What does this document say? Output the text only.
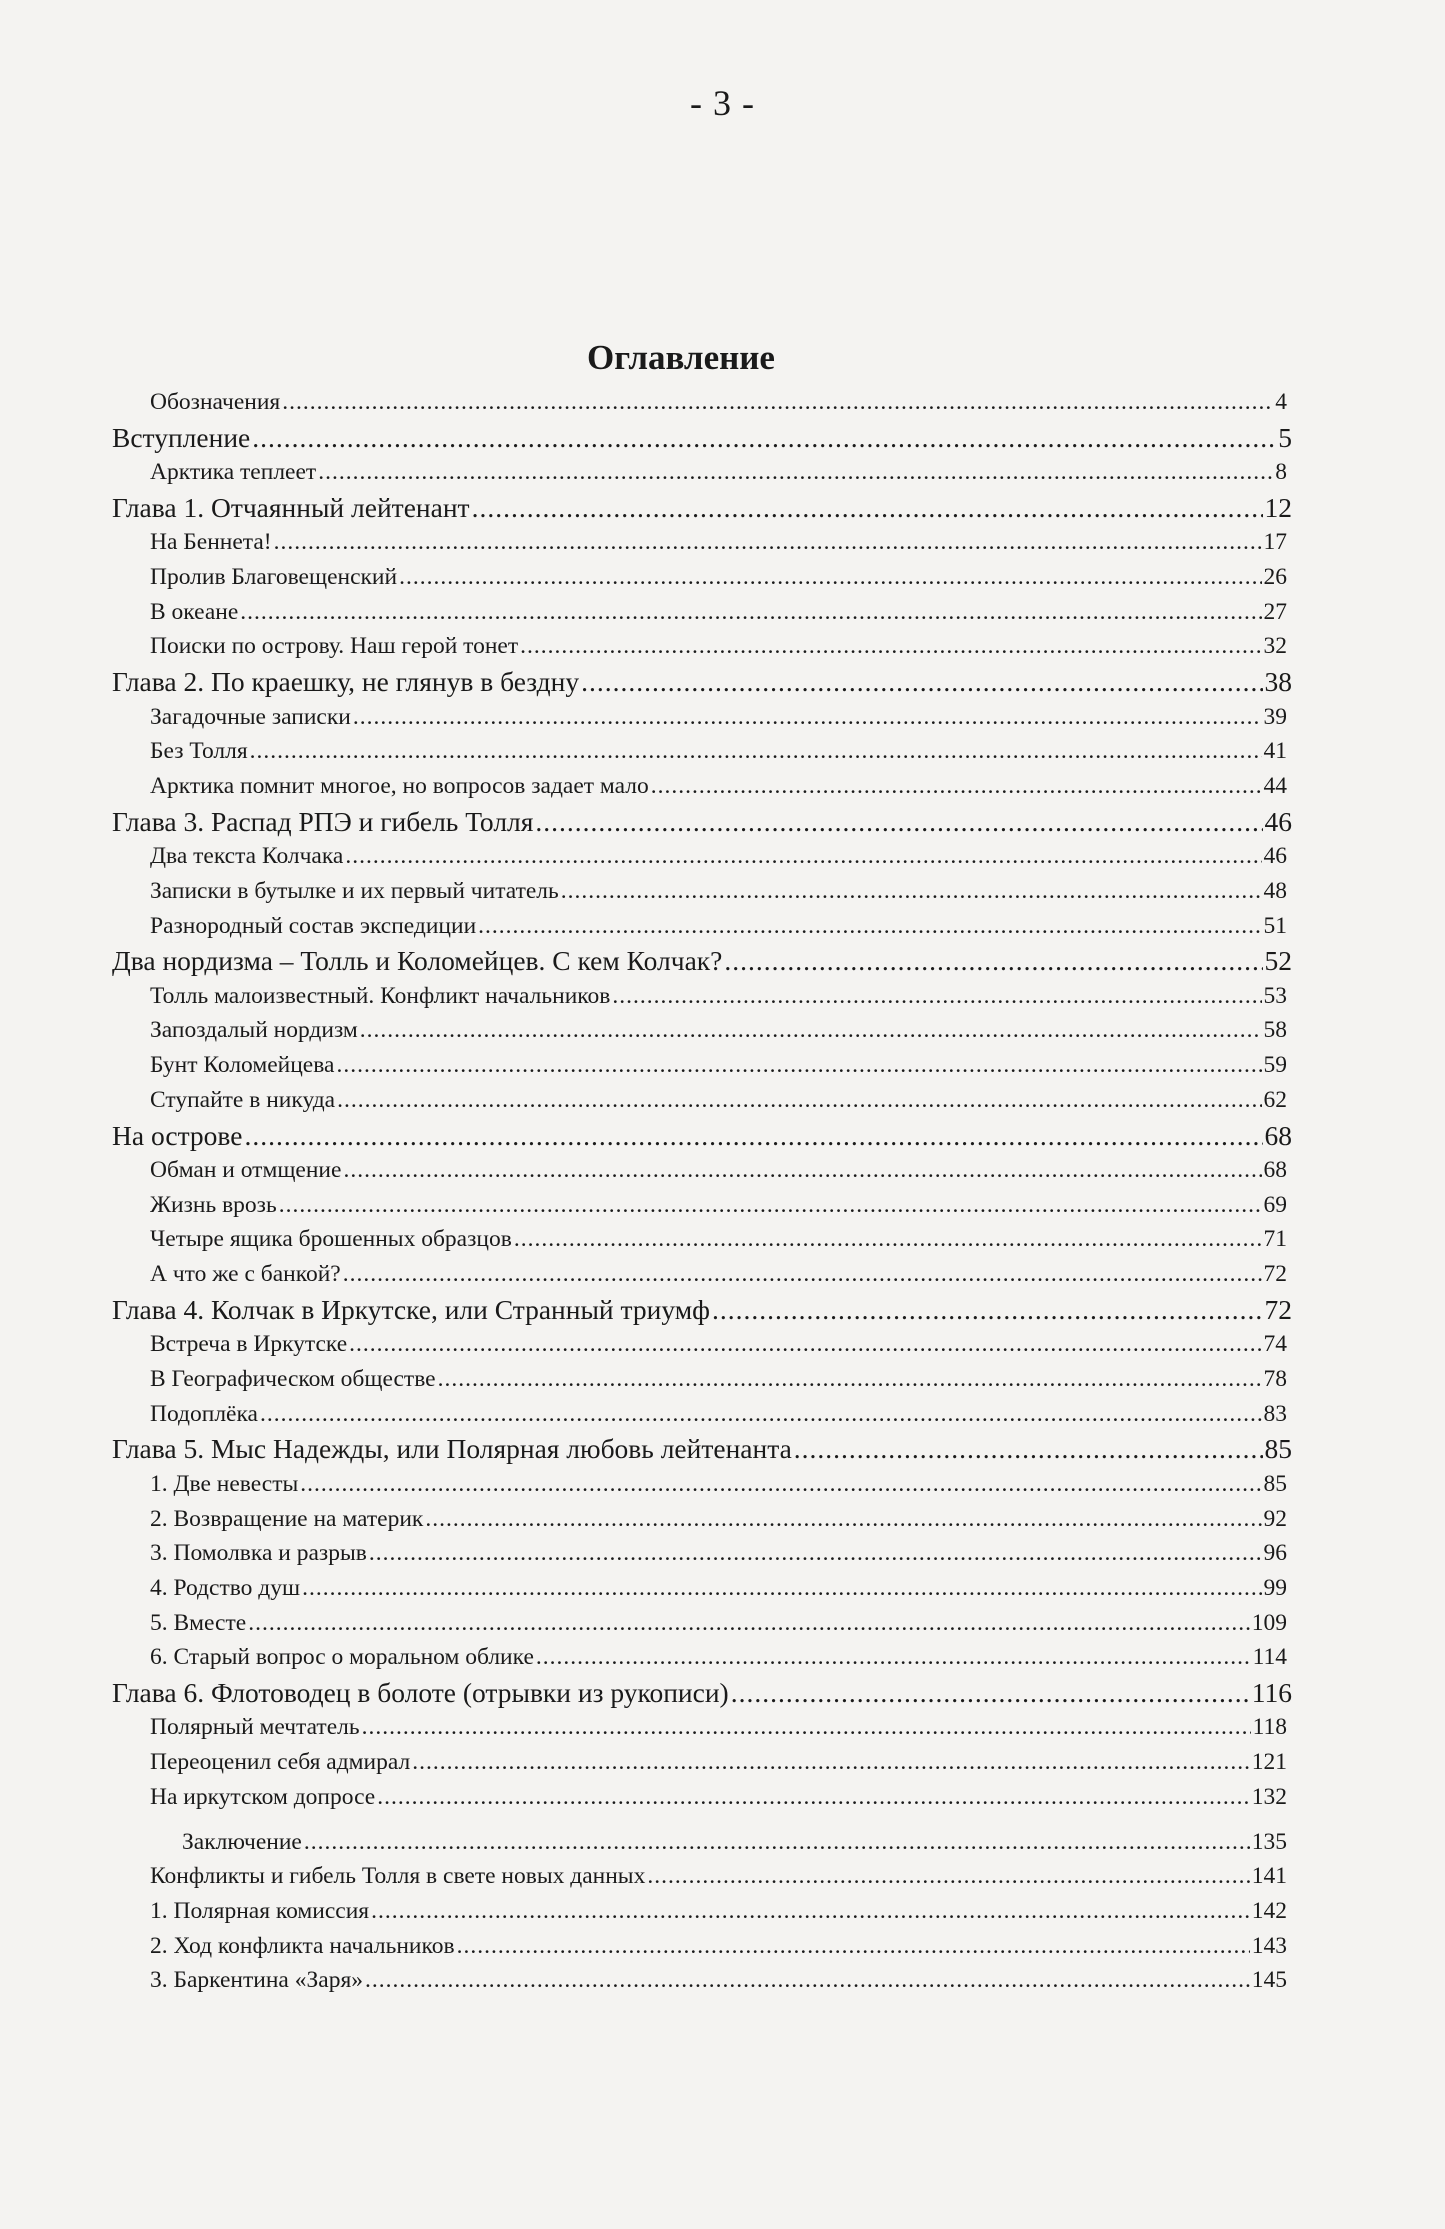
- 3 -
Оглавление
Обозначения .....	4
Вступление .....	5
Арктика теплеет .....	8
Глава 1. Отчаянный лейтенант .....	12
На Беннета! .....	17
Пролив Благовещенский .....	26
В океане .....	27
Поиски по острову. Наш герой тонет .....	32
Глава 2. По краешку, не глянув в бездну .....	38
Загадочные записки .....	39
Без Толля .....	41
Арктика помнит многое, но вопросов задает мало .....	44
Глава 3. Распад РПЭ и гибель Толля .....	46
Два текста Колчака .....	46
Записки в бутылке и их первый читатель .....	48
Разнородный состав экспедиции .....	51
Два нордизма – Толль и Коломейцев. С кем Колчак? .....	52
Толль малоизвестный. Конфликт начальников .....	53
Запоздалый нордизм .....	58
Бунт Коломейцева .....	59
Ступайте в никуда .....	62
На острове .....	68
Обман и отмщение .....	68
Жизнь врозь .....	69
Четыре ящика брошенных образцов .....	71
А что же с банкой? .....	72
Глава 4. Колчак в Иркутске, или Странный триумф .....	72
Встреча в Иркутске .....	74
В Географическом обществе .....	78
Подоплёка .....	83
Глава 5. Мыс Надежды, или Полярная любовь лейтенанта .....	85
1. Две невесты .....	85
2. Возвращение на материк .....	92
3. Помолвка и разрыв .....	96
4. Родство душ .....	99
5. Вместе .....	109
6. Старый вопрос о моральном облике .....	114
Глава 6. Флотоводец в болоте (отрывки из рукописи) .....	116
Полярный мечтатель .....	118
Переоценил себя адмирал .....	121
На иркутском допросе .....	132
Заключение .....	135
Конфликты и гибель Толля в свете новых данных .....	141
1. Полярная комиссия .....	142
2. Ход конфликта начальников .....	143
3. Баркентина «Заря» .....	145
